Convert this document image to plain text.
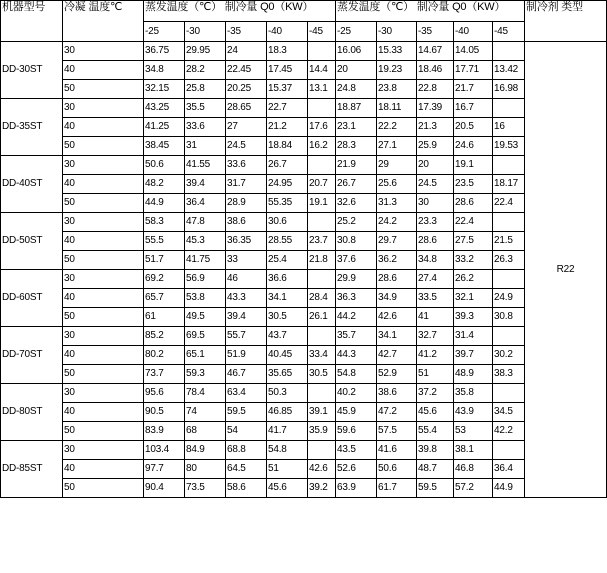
机器型号	冷凝 温度℃	蒸发温度（℃） 制冷量 Q0（KW）					蒸发温度（℃） 制冷量 Q0（KW）					制冷剂 类型
		-25	-30	-35	-40	-45	-25	-30	-35	-40	-45	
DD-30ST	30	36.75	29.95	24	18.3		16.06	15.33	14.67	14.05		R22
	40	34.8	28.2	22.45	17.45	14.4	20	19.23	18.46	17.71	13.42	
	50	32.15	25.8	20.25	15.37	13.1	24.8	23.8	22.8	21.7	16.98	
DD-35ST	30	43.25	35.5	28.65	22.7		18.87	18.11	17.39	16.7		
	40	41.25	33.6	27	21.2	17.6	23.1	22.2	21.3	20.5	16	
	50	38.45	31	24.5	18.84	16.2	28.3	27.1	25.9	24.6	19.53	
DD-40ST	30	50.6	41.55	33.6	26.7		21.9	29	20	19.1		
	40	48.2	39.4	31.7	24.95	20.7	26.7	25.6	24.5	23.5	18.17	
	50	44.9	36.4	28.9	55.35	19.1	32.6	31.3	30	28.6	22.4	
DD-50ST	30	58.3	47.8	38.6	30.6		25.2	24.2	23.3	22.4		
	40	55.5	45.3	36.35	28.55	23.7	30.8	29.7	28.6	27.5	21.5	
	50	51.7	41.75	33	25.4	21.8	37.6	36.2	34.8	33.2	26.3	
DD-60ST	30	69.2	56.9	46	36.6		29.9	28.6	27.4	26.2		
	40	65.7	53.8	43.3	34.1	28.4	36.3	34.9	33.5	32.1	24.9	
	50	61	49.5	39.4	30.5	26.1	44.2	42.6	41	39.3	30.8	
DD-70ST	30	85.2	69.5	55.7	43.7		35.7	34.1	32.7	31.4		
	40	80.2	65.1	51.9	40.45	33.4	44.3	42.7	41.2	39.7	30.2	
	50	73.7	59.3	46.7	35.65	30.5	54.8	52.9	51	48.9	38.3	
DD-80ST	30	95.6	78.4	63.4	50.3		40.2	38.6	37.2	35.8		
	40	90.5	74	59.5	46.85	39.1	45.9	47.2	45.6	43.9	34.5	
	50	83.9	68	54	41.7	35.9	59.6	57.5	55.4	53	42.2	
DD-85ST	30	103.4	84.9	68.8	54.8		43.5	41.6	39.8	38.1		
	40	97.7	80	64.5	51	42.6	52.6	50.6	48.7	46.8	36.4	
	50	90.4	73.5	58.6	45.6	39.2	63.9	61.7	59.5	57.2	44.9	
